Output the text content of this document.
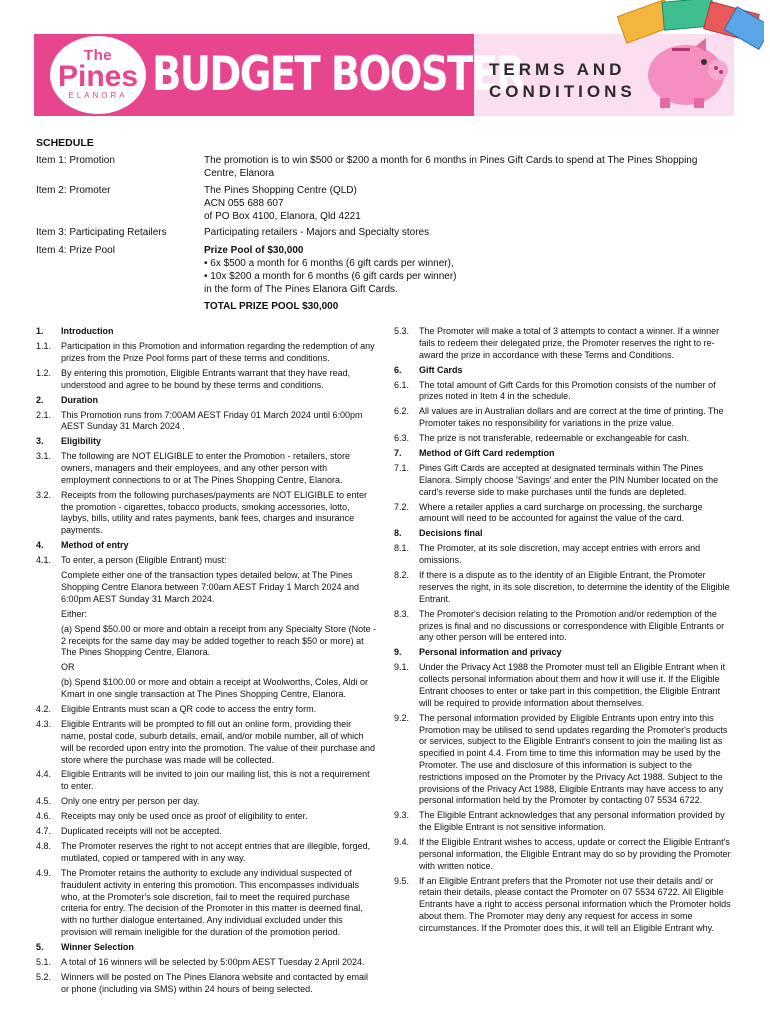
The
Pines
ELANORA BUDGET BOOSTER
TERMS AND
CONDITIONS
SCHEDULE
Item 1: Promotion	The promotion is to win $500 or $200 a month for 6 months in Pines Gift Cards to spend at The Pines Shopping Centre, Elanora
Item 2: Promoter	The Pines Shopping Centre (QLD)
ACN 055 688 607
of PO Box 4100, Elanora, Qld 4221
Item 3: Participating Retailers	Participating retailers - Majors and Specialty stores
Item 4: Prize Pool	Prize Pool of $30,000
• 6x $500 a month for 6 months (6 gift cards per winner),
• 10x $200 a month for 6 months (6 gift cards per winner)
in the form of The Pines Elanora Gift Cards.
TOTAL PRIZE POOL $30,000
1.	Introduction
1.1.	Participation in this Promotion and information regarding the redemption of any prizes from the Prize Pool forms part of these terms and conditions.
1.2.	By entering this promotion, Eligible Entrants warrant that they have read, understood and agree to be bound by these terms and conditions.
2.	Duration
2.1.	This Promotion runs from 7:00AM AEST Friday 01 March 2024 until 6:00pm AEST Sunday 31 March 2024 .
3.	Eligibility
3.1.	The following are NOT ELIGIBLE to enter the Promotion - retailers, store owners, managers and their employees, and any other person with employment connections to or at The Pines Shopping Centre, Elanora.
3.2.	Receipts from the following purchases/payments are NOT ELIGIBLE to enter the promotion - cigarettes, tobacco products, smoking accessories, lotto, laybys, bills, utility and rates payments, bank fees, charges and insurance payments.
4.	Method of entry
4.1.	To enter, a person (Eligible Entrant) must:
Complete either one of the transaction types detailed below, at The Pines Shopping Centre Elanora between 7:00am AEST Friday 1 March 2024 and 6:00pm AEST Sunday 31 March 2024.
Either:
(a) Spend $50.00 or more and obtain a receipt from any Specialty Store (Note - 2 receipts for the same day may be added together to reach $50 or more) at The Pines Shopping Centre, Elanora.
OR
(b) Spend $100.00 or more and obtain a receipt at Woolworths, Coles, Aldi or Kmart in one single transaction at The Pines Shopping Centre, Elanora.
4.2.	Eligible Entrants must scan a QR code to access the entry form.
4.3.	Eligible Entrants will be prompted to fill out an online form, providing their name, postal code, suburb details, email, and/or mobile number, all of which will be recorded upon entry into the promotion. The value of their purchase and store where the purchase was made will be collected.
4.4.	Eligible Entrants will be invited to join our mailing list, this is not a requirement to enter.
4.5.	Only one entry per person per day.
4.6.	Receipts may only be used once as proof of eligibility to enter.
4.7.	Duplicated receipts will not be accepted.
4.8.	The Promoter reserves the right to not accept entries that are illegible, forged, mutilated, copied or tampered with in any way.
4.9.	The Promoter retains the authority to exclude any individual suspected of fraudulent activity in entering this promotion. This encompasses individuals who, at the Promoter's sole discretion, fail to meet the required purchase criteria for entry. The decision of the Promoter in this matter is deemed final, with no further dialogue entertained. Any individual excluded under this provision will remain ineligible for the duration of the promotion period.
5.	Winner Selection
5.1.	A total of 16 winners will be selected by 5:00pm AEST Tuesday 2 April 2024.
5.2.	Winners will be posted on The Pines Elanora website and contacted by email or phone (including via SMS) within 24 hours of being selected.
5.3.	The Promoter will make a total of 3 attempts to contact a winner. If a winner fails to redeem their delegated prize, the Promoter reserves the right to re-award the prize in accordance with these Terms and Conditions.
6.	Gift Cards
6.1.	The total amount of Gift Cards for this Promotion consists of the number of prizes noted in Item 4 in the schedule.
6.2.	All values are in Australian dollars and are correct at the time of printing. The Promoter takes no responsibility for variations in the prize value.
6.3.	The prize is not transferable, redeemable or exchangeable for cash.
7.	Method of Gift Card redemption
7.1.	Pines Gift Cards are accepted at designated terminals within The Pines Elanora. Simply choose 'Savings' and enter the PIN Number located on the card's reverse side to make purchases until the funds are depleted.
7.2.	Where a retailer applies a card surcharge on processing, the surcharge amount will need to be accounted for against the value of the card.
8.	Decisions final
8.1.	The Promoter, at its sole discretion, may accept entries with errors and omissions.
8.2.	If there is a dispute as to the identity of an Eligible Entrant, the Promoter reserves the right, in its sole discretion, to determine the identity of the Eligible Entrant.
8.3.	The Promoter's decision relating to the Promotion and/or redemption of the prizes is final and no discussions or correspondence with Eligible Entrants or any other person will be entered into.
9.	Personal information and privacy
9.1.	Under the Privacy Act 1988 the Promoter must tell an Eligible Entrant when it collects personal information about them and how it will use it. If the Eligible Entrant chooses to enter or take part in this competition, the Eligible Entrant will be required to provide information about themselves.
9.2.	The personal information provided by Eligible Entrants upon entry into this Promotion may be utilised to send updates regarding the Promoter's products or services, subject to the Eligible Entrant's consent to join the mailing list as specified in point 4.4. From time to time this information may be used by the Promoter. The use and disclosure of this information is subject to the restrictions imposed on the Promoter by the Privacy Act 1988. Subject to the provisions of the Privacy Act 1988, Eligible Entrants may have access to any personal information held by the Promoter by contacting 07 5534 6722.
9.3.	The Eligible Entrant acknowledges that any personal information provided by the Eligible Entrant is not sensitive information.
9.4.	If the Eligible Entrant wishes to access, update or correct the Eligible Entrant's personal information, the Eligible Entrant may do so by providing the Promoter with written notice.
9.5.	If an Eligible Entrant prefers that the Promoter not use their details and/ or retain their details, please contact the Promoter on 07 5534 6722. All Eligible Entrants have a right to access personal information which the Promoter holds about them. The Promoter may deny any request for access in some circumstances. If the Promoter does this, it will tell an Eligible Entrant why.
